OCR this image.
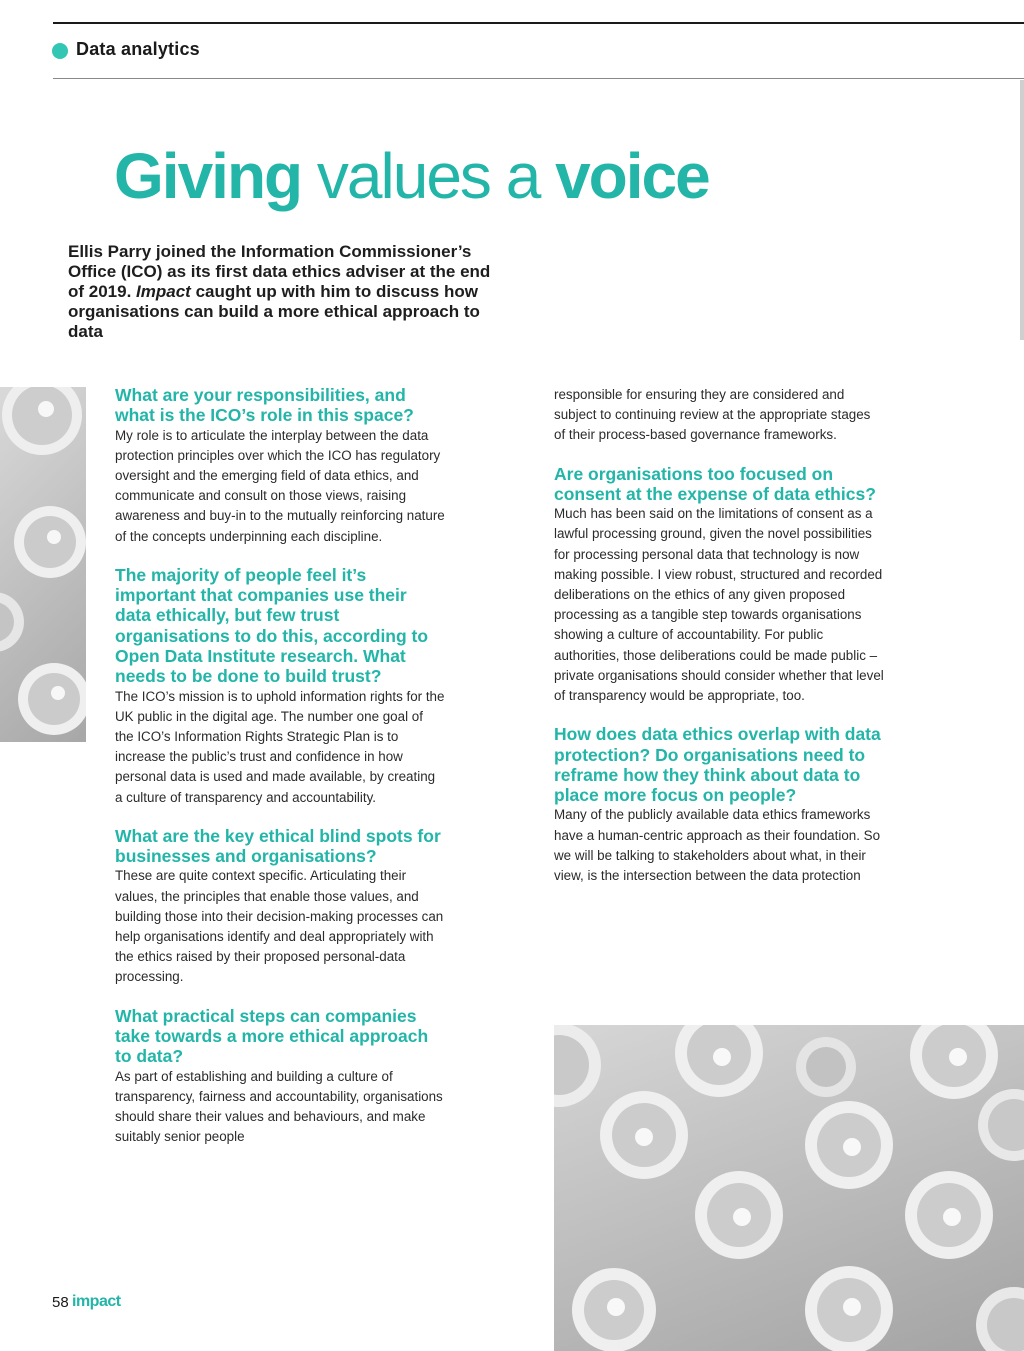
Data analytics
Giving values a voice

Ellis Parry joined the Information Commissioner’s Office (ICO) as its first data ethics adviser at the end of 2019. Impact caught up with him to discuss how organisations can build a more ethical approach to data

What are your responsibilities, and what is the ICO’s role in this space?

My role is to articulate the interplay between the data protection principles over which the ICO has regulatory oversight and the emerging field of data ethics, and communicate and consult on those views, raising awareness and buy-in to the mutually reinforcing nature of the concepts underpinning each discipline.

The majority of people feel it’s important that companies use their data ethically, but few trust organisations to do this, according to Open Data Institute research. What needs to be done to build trust?

The ICO’s mission is to uphold information rights for the UK public in the digital age. The number one goal of the ICO’s Information Rights Strategic Plan is to increase the public’s trust and confidence in how personal data is used and made available, by creating a culture of transparency and accountability.

What are the key ethical blind spots for businesses and organisations?

These are quite context specific. Articulating their values, the principles that enable those values, and building those into their decision-making processes can help organisations identify and deal appropriately with the ethics raised by their proposed personal-data processing.

What practical steps can companies take towards a more ethical approach to data?

As part of establishing and building a culture of transparency, fairness and accountability, organisations should share their values and behaviours, and make suitably senior people

responsible for ensuring they are considered and subject to continuing review at the appropriate stages of their process-based governance frameworks.

Are organisations too focused on consent at the expense of data ethics?

Much has been said on the limitations of consent as a lawful processing ground, given the novel possibilities for processing personal data that technology is now making possible. I view robust, structured and recorded deliberations on the ethics of any given proposed processing as a tangible step towards organisations showing a culture of accountability. For public authorities, those deliberations could be made public – private organisations should consider whether that level of transparency would be appropriate, too.

How does data ethics overlap with data protection? Do organisations need to reframe how they think about data to place more focus on people?

Many of the publicly available data ethics frameworks have a human-centric approach as their foundation. So we will be talking to stakeholders about what, in their view, is the intersection between the data protection

58 impact
